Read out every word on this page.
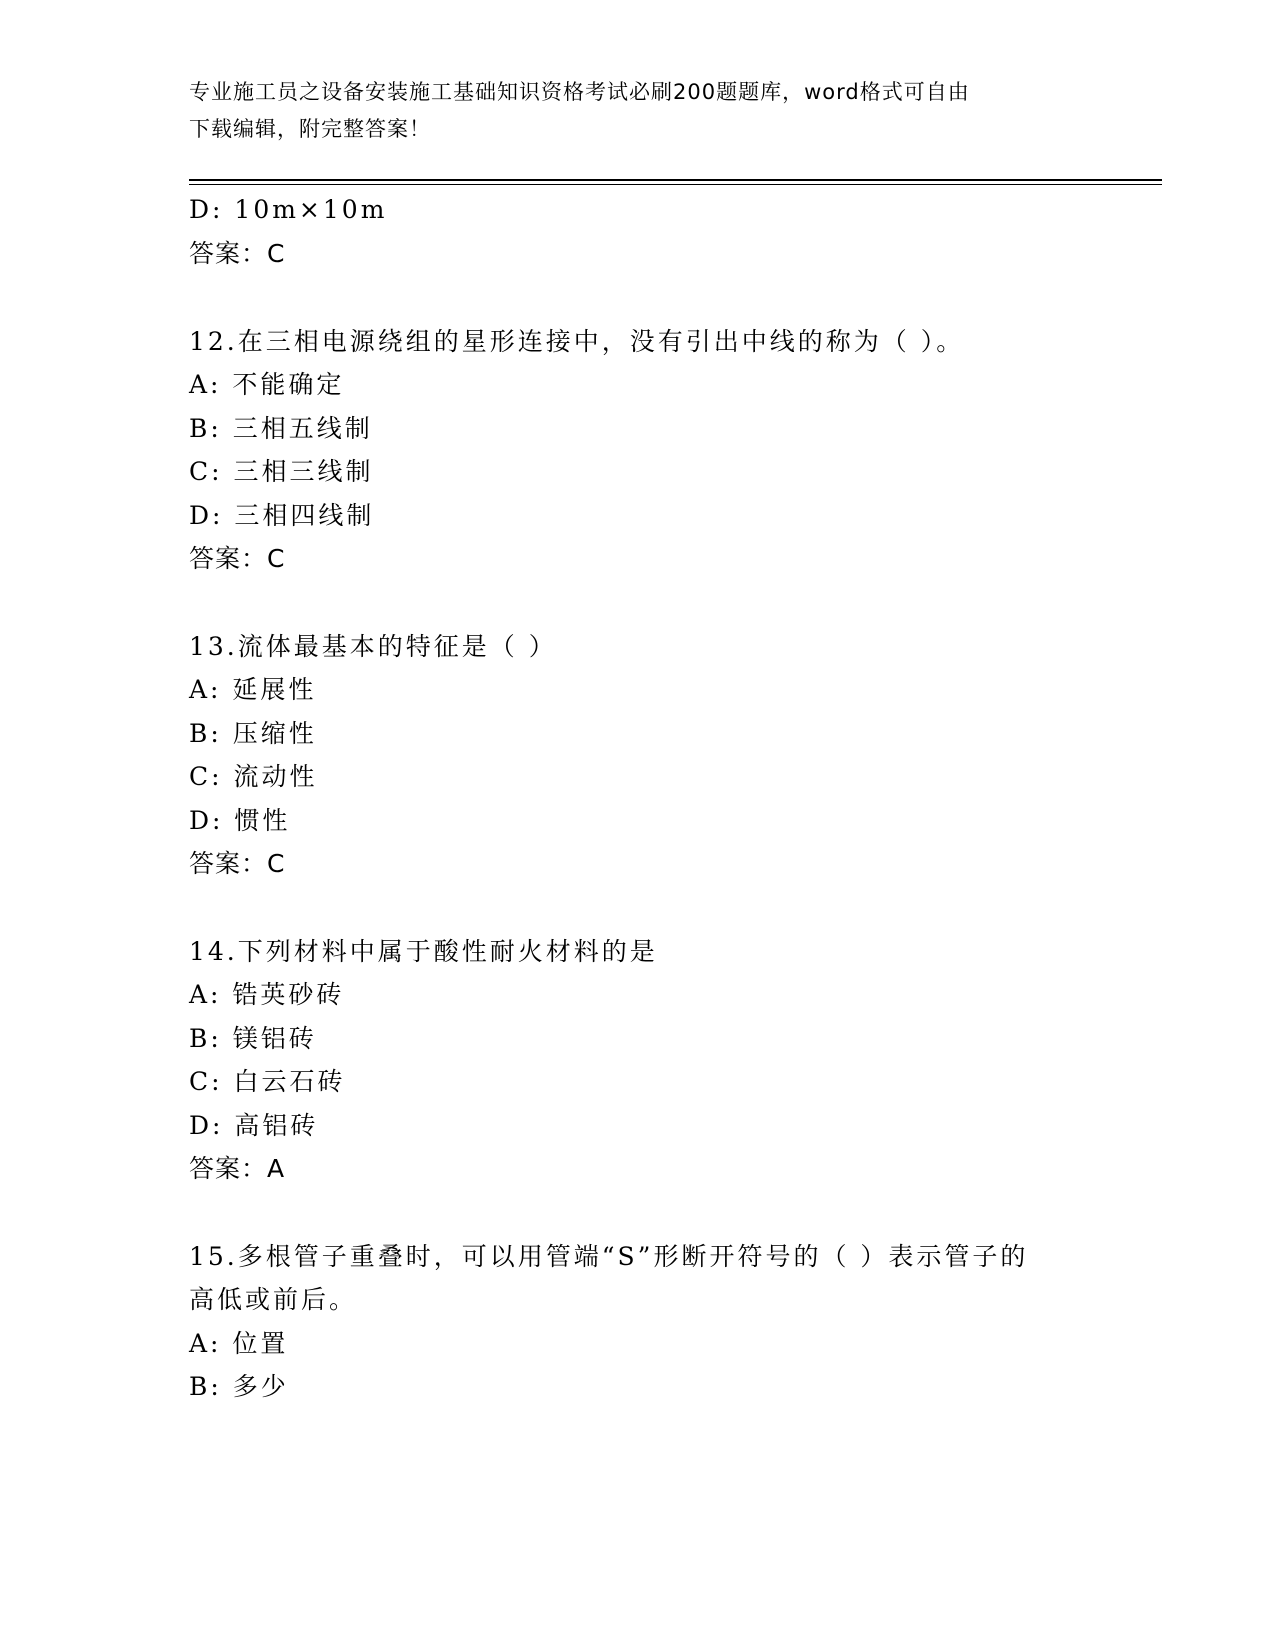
专业施工员之设备安装施工基础知识资格考试必刷200题题库，word格式可自由
下载编辑，附完整答案！
D: 10m×10m
答案：C
12.在三相电源绕组的星形连接中，没有引出中线的称为（ ）。
A: 不能确定
B: 三相五线制
C: 三相三线制
D: 三相四线制
答案：C
13.流体最基本的特征是（ ）
A: 延展性
B: 压缩性
C: 流动性
D: 惯性
答案：C
14.下列材料中属于酸性耐火材料的是
A: 锆英砂砖
B: 镁铝砖
C: 白云石砖
D: 高铝砖
答案：A
15.多根管子重叠时，可以用管端“S”形断开符号的（ ）表示管子的
高低或前后。
A: 位置
B: 多少
